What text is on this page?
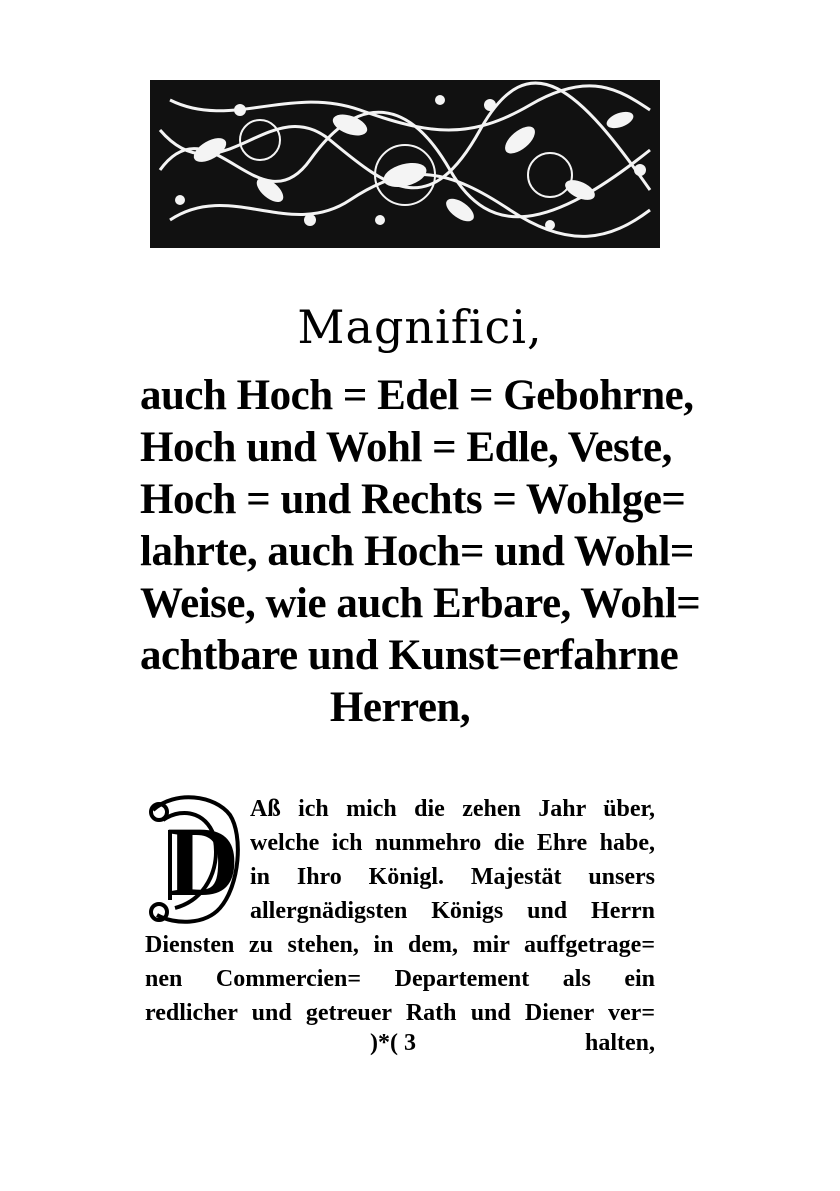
Magnifici,
auch Hoch = Edel = Gebohrne,
Hoch und Wohl = Edle, Veste,
Hoch = und Rechts = Wohlge=
lahrte, auch Hoch= und Wohl=
Weise, wie auch Erbare, Wohl=
achtbare und Kunst=erfahrne
Herren,
D Aß ich mich die zehen Jahr über,
welche ich nunmehro die Ehre habe,
in Ihro Königl. Majestät unsers
allergnädigsten Königs und Herrn
Diensten zu stehen, in dem, mir auffgetrage=
nen Commercien= Departement als ein
redlicher und getreuer Rath und Diener ver=
)*( 3	halten,
